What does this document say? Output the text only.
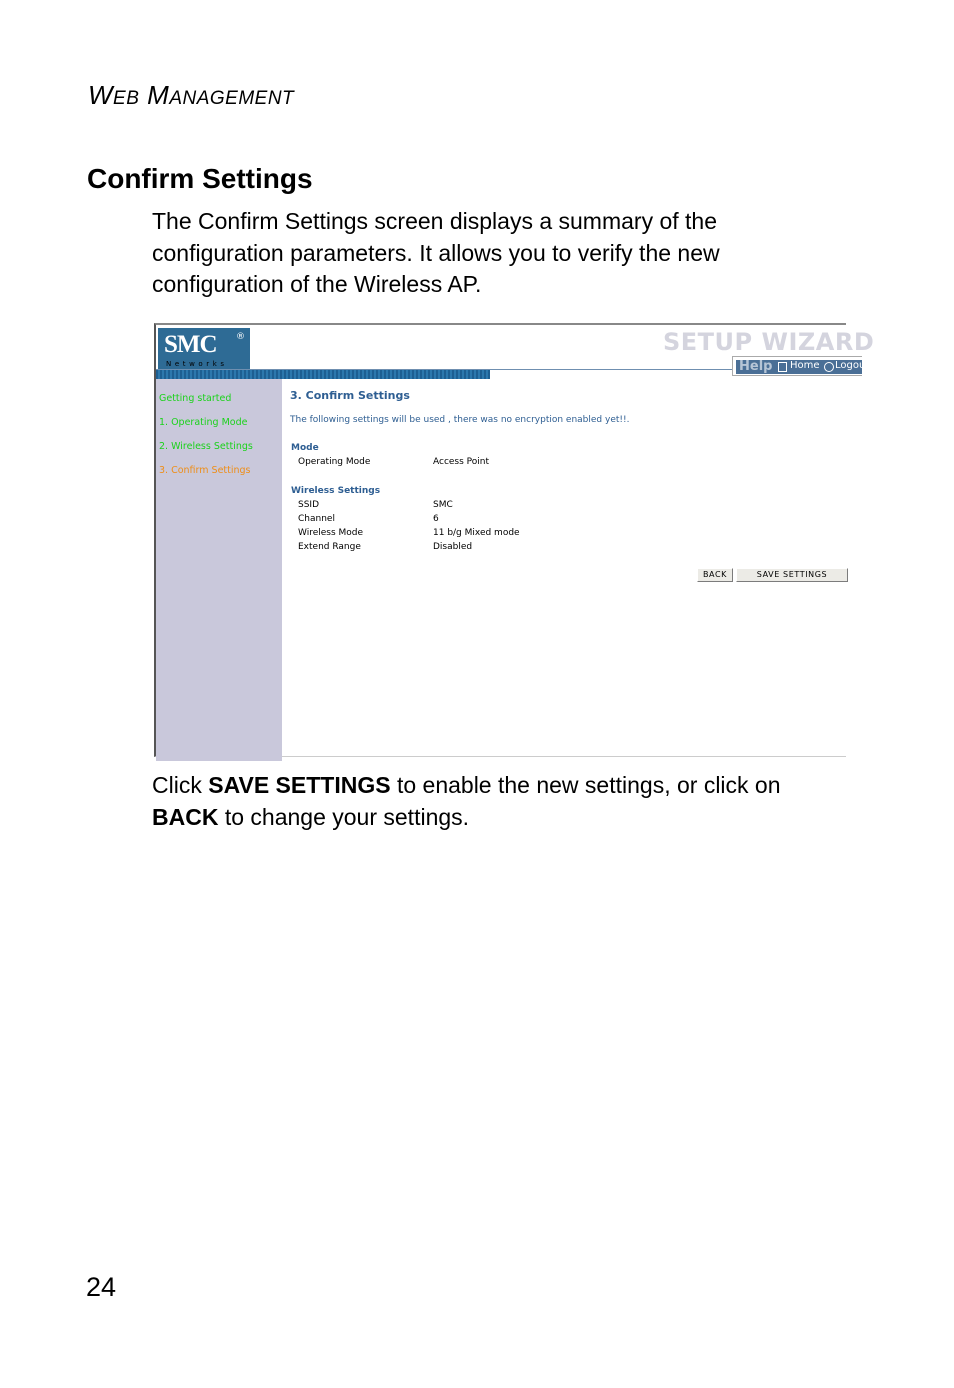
WEB MANAGEMENT
Confirm Settings

The Confirm Settings screen displays a summary of the configuration parameters. It allows you to verify the new configuration of the Wireless AP.

SMC ®
Networks
SETUP WIZARD
Help Home Logout
Getting started
1. Operating Mode
2. Wireless Settings
3. Confirm Settings
3. Confirm Settings
The following settings will be used , there was no encryption enabled yet!!.
Mode
Operating Mode	Access Point
Wireless Settings
SSID	SMC
Channel	6
Wireless Mode	11 b/g Mixed mode
Extend Range	Disabled
BACK	SAVE SETTINGS

Click SAVE SETTINGS to enable the new settings, or click on BACK to change your settings.

24
